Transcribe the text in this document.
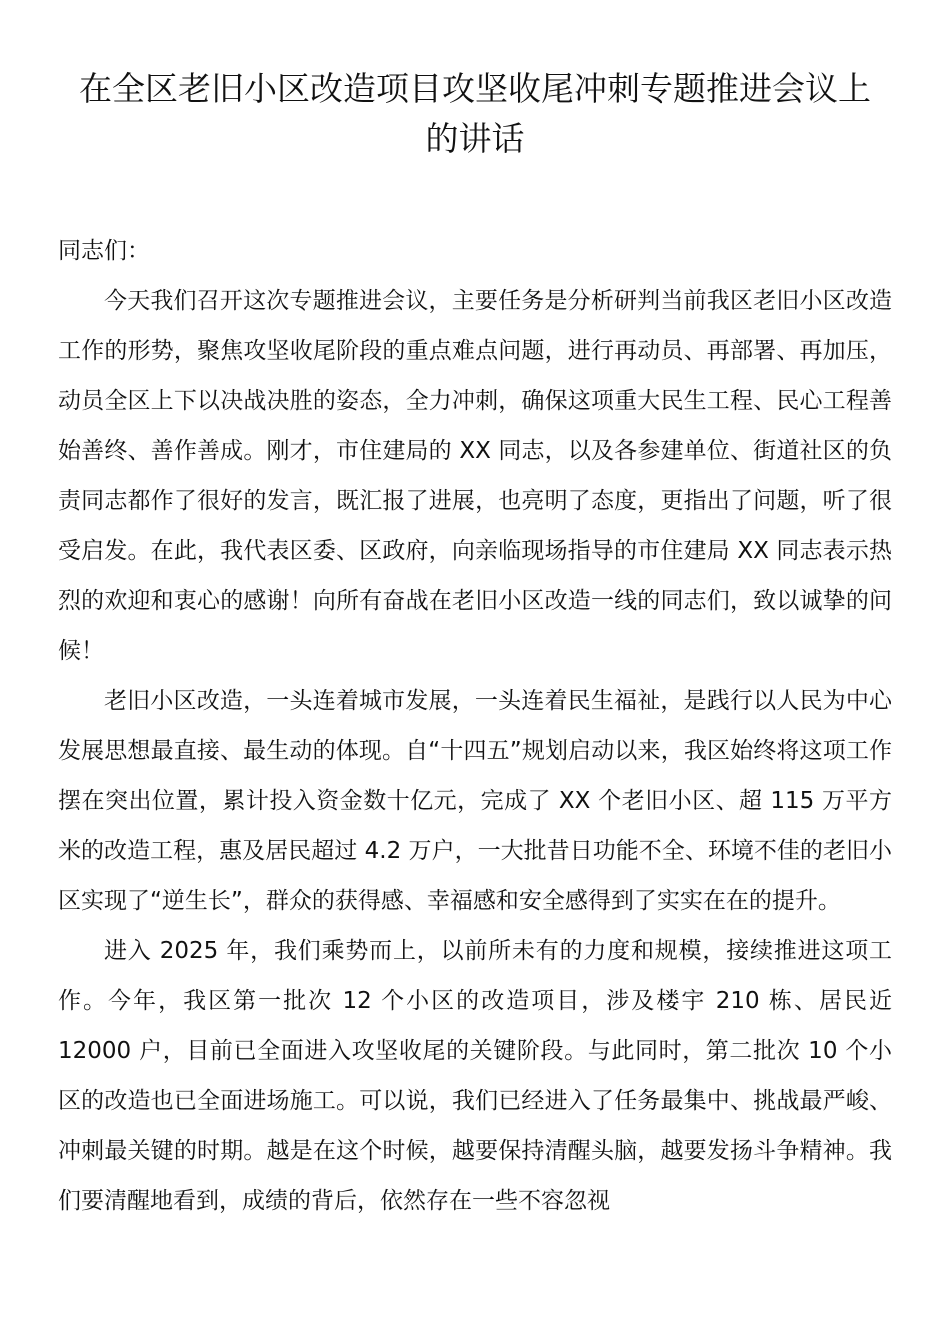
在全区老旧小区改造项目攻坚收尾冲刺专题推进会议上的讲话

同志们：

今天我们召开这次专题推进会议，主要任务是分析研判当前我区老旧小区改造工作的形势，聚焦攻坚收尾阶段的重点难点问题，进行再动员、再部署、再加压，动员全区上下以决战决胜的姿态，全力冲刺，确保这项重大民生工程、民心工程善始善终、善作善成。刚才，市住建局的 XX 同志，以及各参建单位、街道社区的负责同志都作了很好的发言，既汇报了进展，也亮明了态度，更指出了问题，听了很受启发。在此，我代表区委、区政府，向亲临现场指导的市住建局 XX 同志表示热烈的欢迎和衷心的感谢！向所有奋战在老旧小区改造一线的同志们，致以诚挚的问候！

老旧小区改造，一头连着城市发展，一头连着民生福祉，是践行以人民为中心发展思想最直接、最生动的体现。自“十四五”规划启动以来，我区始终将这项工作摆在突出位置，累计投入资金数十亿元，完成了 XX 个老旧小区、超 115 万平方米的改造工程，惠及居民超过 4.2 万户，一大批昔日功能不全、环境不佳的老旧小区实现了“逆生长”，群众的获得感、幸福感和安全感得到了实实在在的提升。

进入 2025 年，我们乘势而上，以前所未有的力度和规模，接续推进这项工作。今年，我区第一批次 12 个小区的改造项目，涉及楼宇 210 栋、居民近 12000 户，目前已全面进入攻坚收尾的关键阶段。与此同时，第二批次 10 个小区的改造也已全面进场施工。可以说，我们已经进入了任务最集中、挑战最严峻、冲刺最关键的时期。越是在这个时候，越要保持清醒头脑，越要发扬斗争精神。我们要清醒地看到，成绩的背后，依然存在一些不容忽视
